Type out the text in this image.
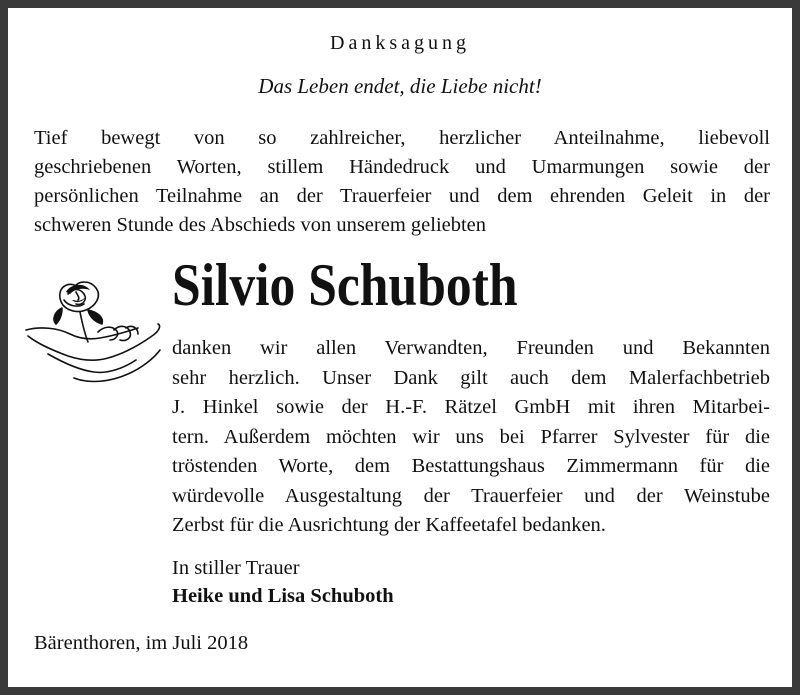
Danksagung
Das Leben endet, die Liebe nicht!
Tief bewegt von so zahlreicher, herzlicher Anteilnahme, liebevoll
geschriebenen Worten, stillem Händedruck und Umarmungen sowie der
persönlichen Teilnahme an der Trauerfeier und dem ehrenden Geleit in der
schweren Stunde des Abschieds von unserem geliebten
Silvio Schuboth
danken wir allen Verwandten, Freunden und Bekannten
sehr herzlich. Unser Dank gilt auch dem Malerfachbetrieb
J. Hinkel sowie der H.-F. Rätzel GmbH mit ihren Mitarbei-
tern. Außerdem möchten wir uns bei Pfarrer Sylvester für die
tröstenden Worte, dem Bestattungshaus Zimmermann für die
würdevolle Ausgestaltung der Trauerfeier und der Weinstube
Zerbst für die Ausrichtung der Kaffeetafel bedanken.
In stiller Trauer
Heike und Lisa Schuboth
Bärenthoren, im Juli 2018
